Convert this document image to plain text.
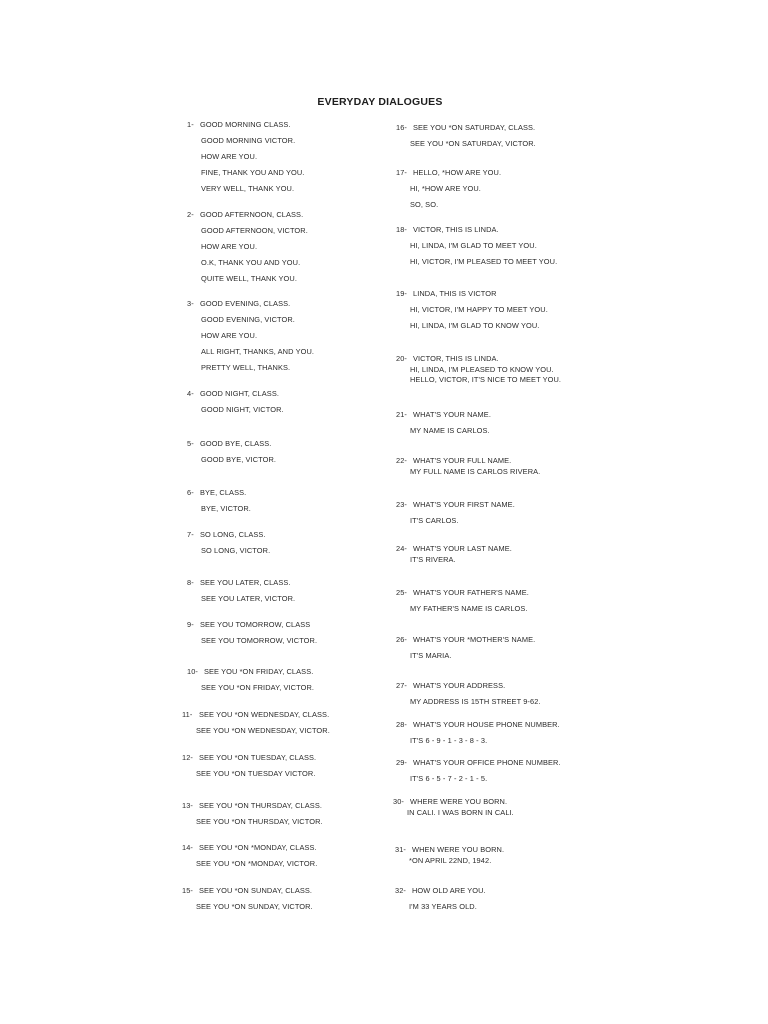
EVERYDAY DIALOGUES
1- GOOD MORNING CLASS.
GOOD MORNING VICTOR.
HOW ARE YOU.
FINE, THANK YOU AND YOU.
VERY WELL, THANK YOU.
2- GOOD AFTERNOON, CLASS.
GOOD AFTERNOON, VICTOR.
HOW ARE YOU.
O.K, THANK YOU AND YOU.
QUITE WELL, THANK YOU.
3- GOOD EVENING, CLASS.
GOOD EVENING, VICTOR.
HOW ARE YOU.
ALL RIGHT, THANKS, AND YOU.
PRETTY WELL, THANKS.
4- GOOD NIGHT, CLASS.
GOOD NIGHT, VICTOR.
5- GOOD BYE, CLASS.
GOOD BYE, VICTOR.
6- BYE, CLASS.
BYE, VICTOR.
7- SO LONG, CLASS.
SO LONG, VICTOR.
8- SEE YOU LATER, CLASS.
SEE YOU LATER, VICTOR.
9- SEE YOU TOMORROW, CLASS
SEE YOU TOMORROW, VICTOR.
10- SEE YOU *ON FRIDAY, CLASS.
SEE YOU *ON FRIDAY, VICTOR.
11- SEE YOU *ON WEDNESDAY, CLASS.
SEE YOU *ON WEDNESDAY, VICTOR.
12- SEE YOU *ON TUESDAY, CLASS.
SEE YOU *ON TUESDAY VICTOR.
13- SEE YOU *ON THURSDAY, CLASS.
SEE YOU *ON THURSDAY, VICTOR.
14- SEE YOU *ON *MONDAY, CLASS.
SEE YOU *ON *MONDAY, VICTOR.
15- SEE YOU *ON SUNDAY, CLASS.
SEE YOU *ON SUNDAY, VICTOR.
16- SEE YOU *ON SATURDAY, CLASS.
SEE YOU *ON SATURDAY, VICTOR.
17- HELLO, *HOW ARE YOU.
HI, *HOW ARE YOU.
SO, SO.
18- VICTOR, THIS IS LINDA.
HI, LINDA, I'M GLAD TO MEET YOU.
HI, VICTOR, I'M PLEASED TO MEET YOU.
19- LINDA, THIS IS VICTOR
HI, VICTOR, I'M HAPPY TO MEET YOU.
HI, LINDA, I'M GLAD TO KNOW YOU.
20- VICTOR, THIS IS LINDA.
HI, LINDA, I'M PLEASED TO KNOW YOU.
HELLO, VICTOR, IT'S NICE TO MEET YOU.
21- WHAT'S YOUR NAME.
MY NAME IS CARLOS.
22- WHAT'S YOUR FULL NAME.
MY FULL NAME IS CARLOS RIVERA.
23- WHAT'S YOUR FIRST NAME.
IT'S CARLOS.
24- WHAT'S YOUR LAST NAME.
IT'S RIVERA.
25- WHAT'S YOUR FATHER'S NAME.
MY FATHER'S NAME IS CARLOS.
26- WHAT'S YOUR *MOTHER'S NAME.
IT'S MARIA.
27- WHAT'S YOUR ADDRESS.
MY ADDRESS IS 15TH STREET 9-62.
28- WHAT'S YOUR HOUSE PHONE NUMBER.
IT'S 6 - 9 - 1 - 3 - 8 - 3.
29- WHAT'S YOUR OFFICE PHONE NUMBER.
IT'S 6 - 5 - 7 - 2 - 1 - 5.
30- WHERE WERE YOU BORN.
IN CALI. I WAS BORN IN CALI.
31- WHEN WERE YOU BORN.
*ON APRIL 22ND, 1942.
32- HOW OLD ARE YOU.
I'M 33 YEARS OLD.
